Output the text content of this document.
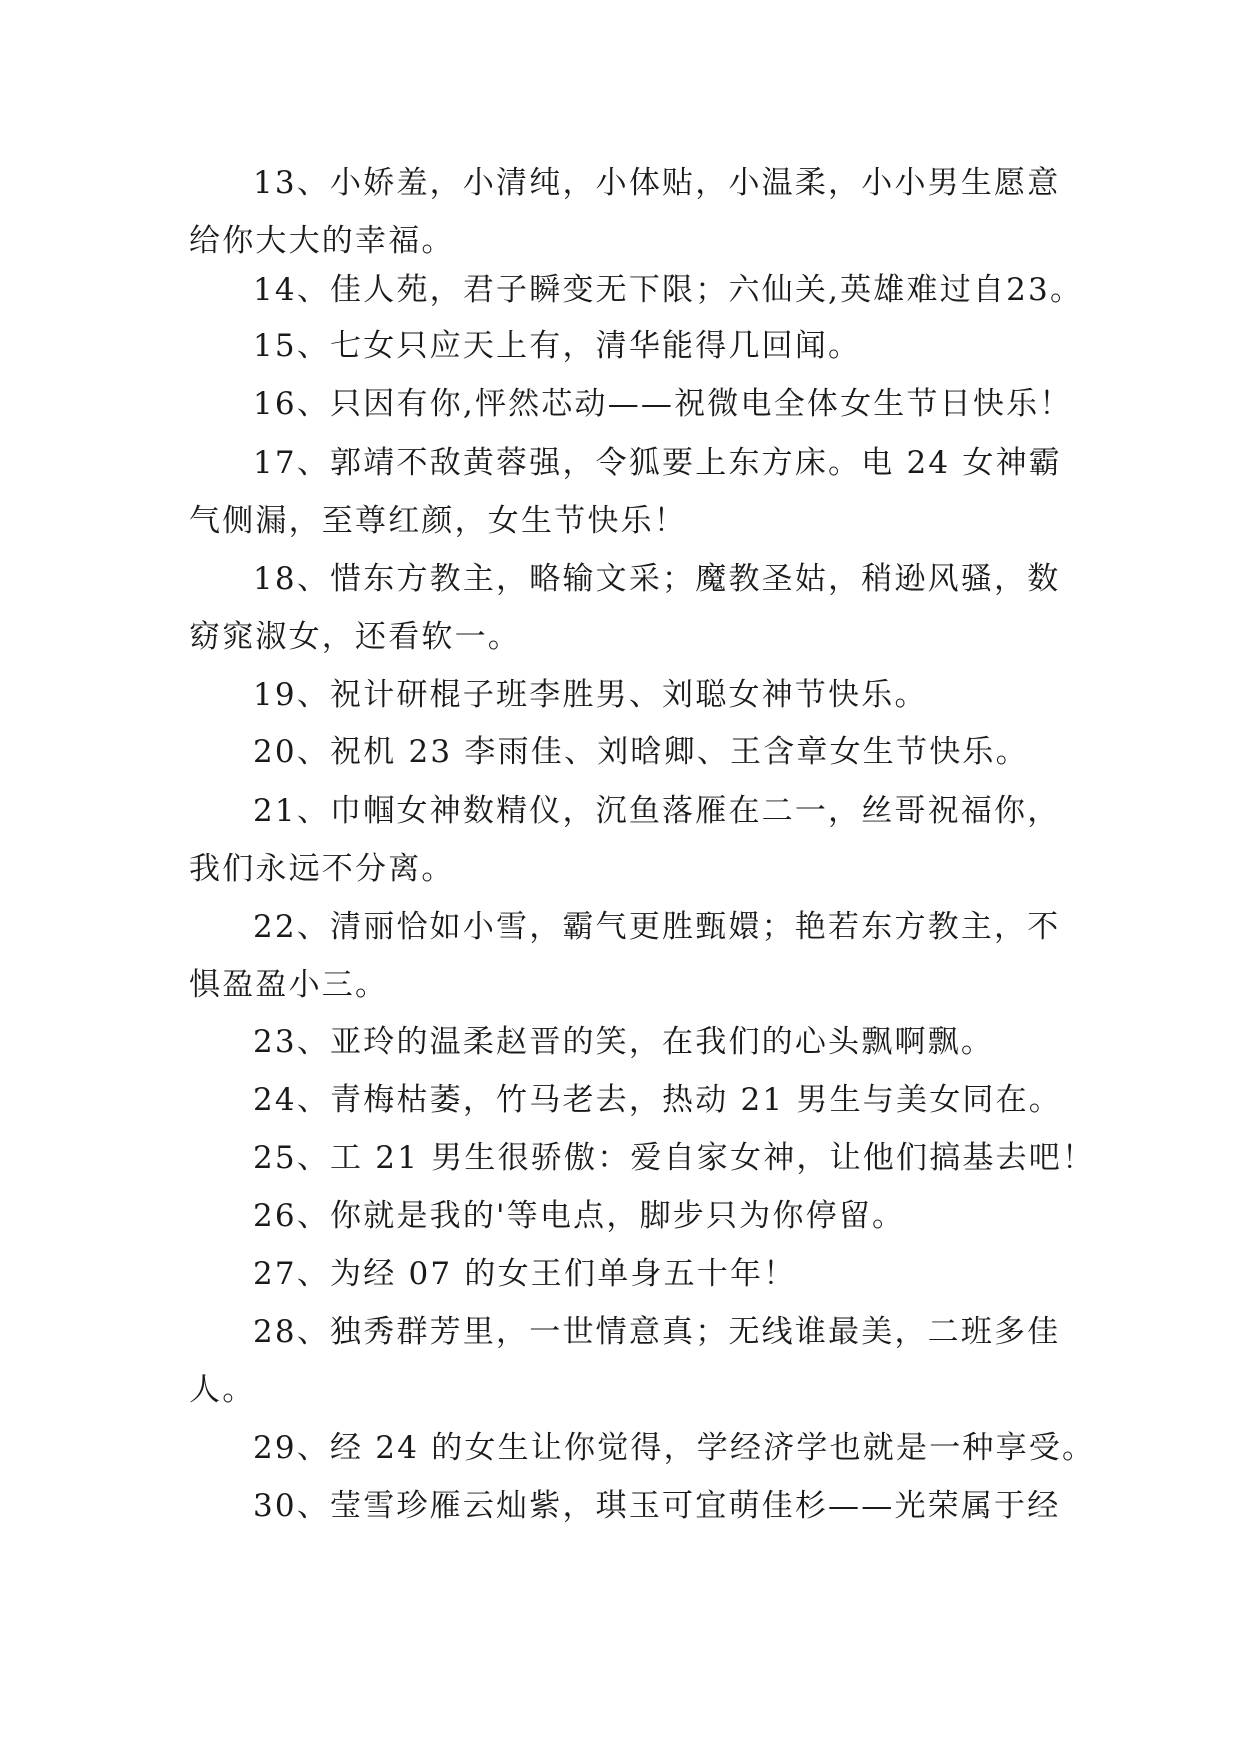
13、小娇羞，小清纯，小体贴，小温柔，小小男生愿意
给你大大的幸福。
14、佳人苑，君子瞬变无下限；六仙关,英雄难过自23。
15、七女只应天上有，清华能得几回闻。
16、只因有你,怦然芯动——祝微电全体女生节日快乐！
17、郭靖不敌黄蓉强，令狐要上东方床。电 24 女神霸
气侧漏，至尊红颜，女生节快乐！
18、惜东方教主，略输文采；魔教圣姑，稍逊风骚，数
窈窕淑女，还看软一。
19、祝计研棍子班李胜男、刘聪女神节快乐。
20、祝机 23 李雨佳、刘晗卿、王含章女生节快乐。
21、巾帼女神数精仪，沉鱼落雁在二一，丝哥祝福你，
我们永远不分离。
22、清丽恰如小雪，霸气更胜甄嬛；艳若东方教主，不
惧盈盈小三。
23、亚玲的温柔赵晋的笑，在我们的心头飘啊飘。
24、青梅枯萎，竹马老去，热动 21 男生与美女同在。
25、工 21 男生很骄傲：爱自家女神，让他们搞基去吧！
26、你就是我的'等电点，脚步只为你停留。
27、为经 07 的女王们单身五十年！
28、独秀群芳里，一世情意真；无线谁最美，二班多佳
人。
29、经 24 的女生让你觉得，学经济学也就是一种享受。
30、莹雪珍雁云灿紫，琪玉可宜萌佳杉——光荣属于经
